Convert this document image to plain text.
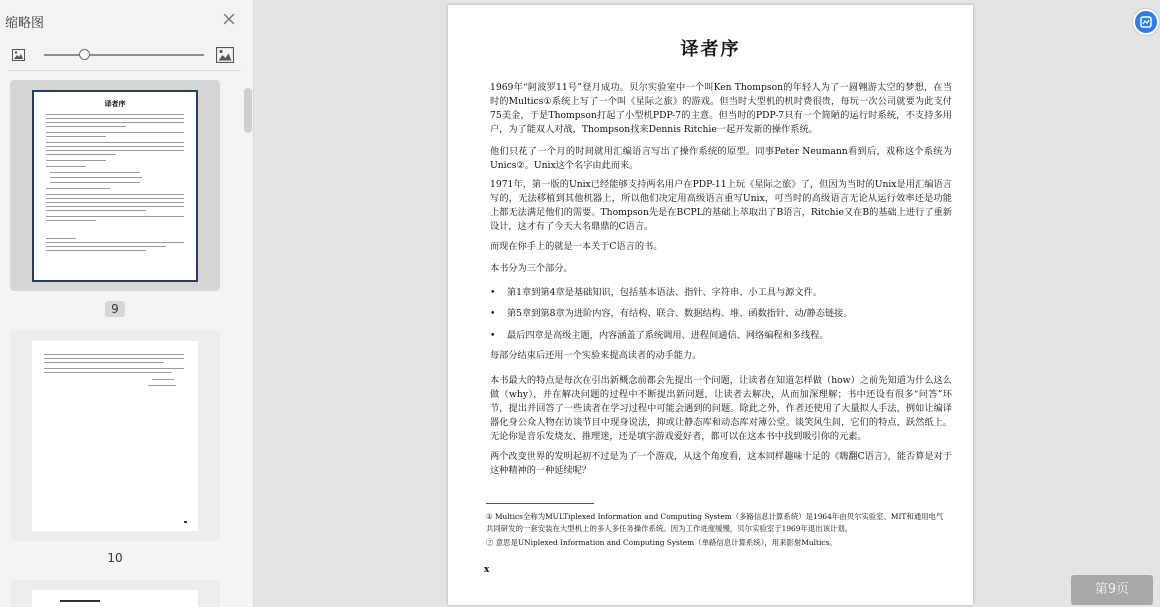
缩略图
译者序
9
10
译者序

1969年“阿波罗11号”登月成功。贝尔实验室中一个叫Ken Thompson的年轻人为了一圆翱游太空的梦想，在当时的Multics①系统上写了一个叫《星际之旅》的游戏。但当时大型机的机时费很贵，每玩一次公司就要为此支付75美金，于是Thompson打起了小型机PDP-7的主意。但当时的PDP-7只有一个简陋的运行时系统，不支持多用户，为了能双人对战，Thompson找来Dennis Ritchie一起开发新的操作系统。

他们只花了一个月的时间就用汇编语言写出了操作系统的原型。同事Peter Neumann看到后，戏称这个系统为Unics②。Unix这个名字由此而来。

1971年，第一版的Unix已经能够支持两名用户在PDP-11上玩《星际之旅》了，但因为当时的Unix是用汇编语言写的，无法移植到其他机器上，所以他们决定用高级语言重写Unix，可当时的高级语言无论从运行效率还是功能上都无法满足他们的需要。Thompson先是在BCPL的基础上萃取出了B语言，Ritchie又在B的基础上进行了重新设计，这才有了今天大名鼎鼎的C语言。

而现在你手上的就是一本关于C语言的书。

本书分为三个部分。

• 第1章到第4章是基础知识，包括基本语法、指针、字符串、小工具与源文件。
• 第5章到第8章为进阶内容，有结构、联合、数据结构、堆、函数指针、动/静态链接。
• 最后四章是高级主题，内容涵盖了系统调用、进程间通信、网络编程和多线程。

每部分结束后还用一个实验来提高读者的动手能力。

本书最大的特点是每次在引出新概念前都会先提出一个问题，让读者在知道怎样做（how）之前先知道为什么这么做（why），并在解决问题的过程中不断提出新问题，让读者去解决，从而加深理解；书中还设有很多“问答”环节，提出并回答了一些读者在学习过程中可能会遇到的问题。除此之外，作者还使用了大量拟人手法，例如让编译器化身公众人物在访谈节目中现身说法，抑或让静态库和动态库对簿公堂。谈笑风生间，它们的特点，跃然纸上。无论你是音乐发烧友、推理迷，还是填字游戏爱好者，都可以在这本书中找到吸引你的元素。

两个改变世界的发明起初不过是为了一个游戏，从这个角度看，这本同样趣味十足的《嗨翻C语言》，能否算是对于这种精神的一种延续呢？

① Multics全称为MULTiplexed Information and Computing System（多路信息计算系统）是1964年由贝尔实验室、MIT和通用电气共同研发的一套安装在大型机上的多人多任务操作系统。因为工作进度缓慢，贝尔实验室于1969年退出该计划。

② 意思是UNiplexed Information and Computing System（单路信息计算系统），用来影射Multics。

x
第9页
